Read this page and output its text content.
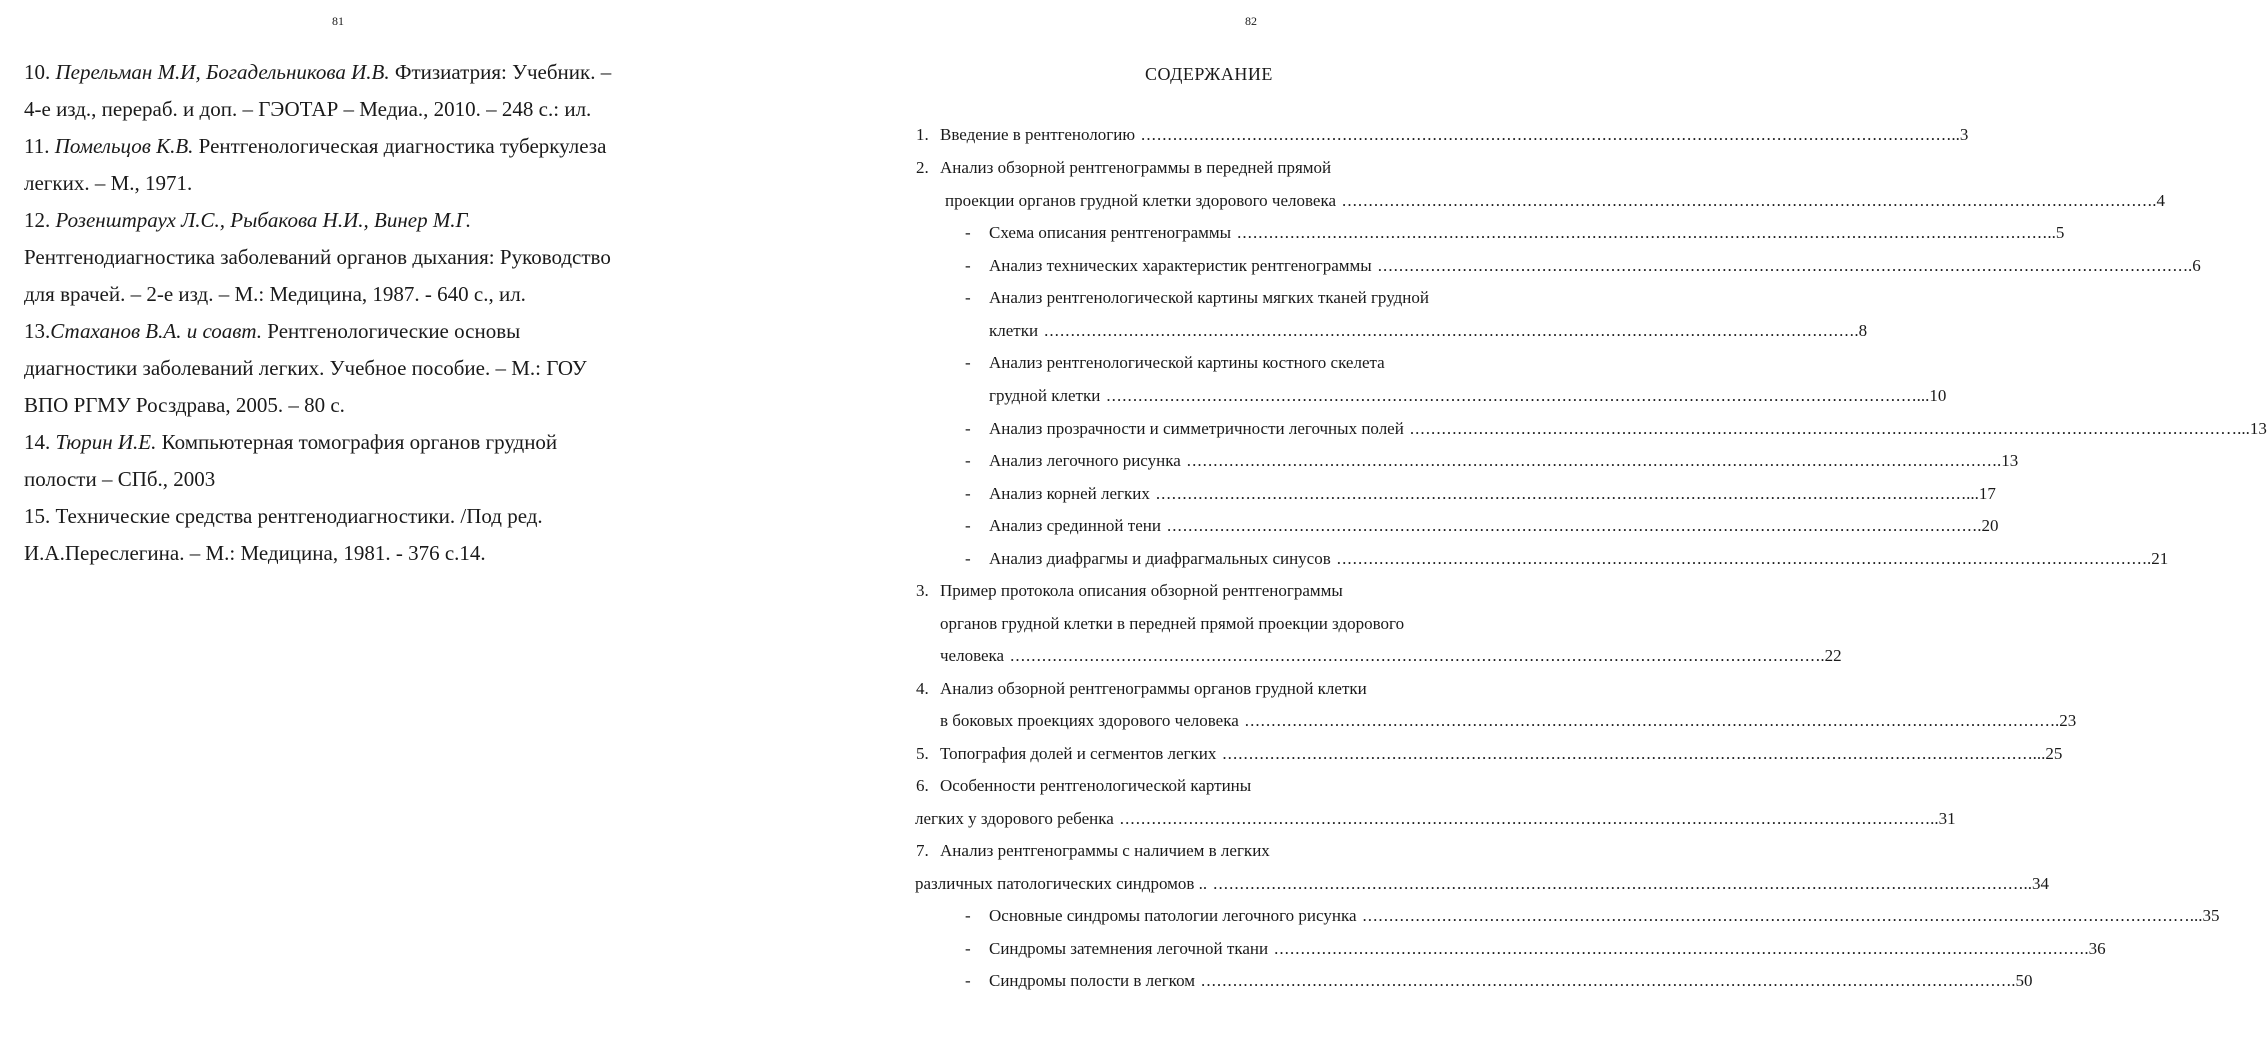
81

10. Перельман М.И, Богадельникова И.В. Фтизиатрия: Учебник. –
4-е изд., перераб. и доп. – ГЭОТАР – Медиа., 2010. – 248 с.: ил.

11. Помельцов К.В. Рентгенологическая диагностика туберкулеза
легких. – М., 1971.

12. Розенштраух Л.С., Рыбакова Н.И., Винер М.Г.
Рентгенодиагностика заболеваний органов дыхания: Руководство
для врачей. – 2-е изд. – М.: Медицина, 1987. - 640 с., ил.

13.Стаханов В.А. и соавт. Рентгенологические основы
диагностики заболеваний легких. Учебное пособие. – М.: ГОУ
ВПО РГМУ Росздрава, 2005. – 80 с.

14. Тюрин И.Е. Компьютерная томография органов грудной
полости – СПб., 2003

15. Технические средства рентгенодиагностики. /Под ред.
И.А.Переслегина. – М.: Медицина, 1981. - 376 с.14.

82
СОДЕРЖАНИЕ
1. Введение в рентгенологию . . .	..3
2. Анализ обзорной рентгенограммы в передней прямой
проекции органов грудной клетки здорового человека . . .	.4
-	Схема описания рентгенограммы . . .	..5
-	Анализ технических характеристик рентгенограммы . . .	.6
-	Анализ рентгенологической картины мягких тканей грудной
клетки . . .	.8
-	Анализ рентгенологической картины костного скелета
грудной клетки . . .	...10
-	Анализ прозрачности и симметричности легочных полей . . .	…...13
-	Анализ легочного рисунка . . .	.13
-	Анализ корней легких . . .	...17
-	Анализ срединной тени . . .	.20
-	Анализ диафрагмы и диафрагмальных синусов . . .	.21
3. Пример протокола описания обзорной рентгенограммы
органов грудной клетки в передней прямой проекции здорового
человека . . .	.22
4. Анализ обзорной рентгенограммы органов грудной клетки
в боковых проекциях здорового человека . . .	.23
5. Топография долей и сегментов легких . . .	...25
6. Особенности рентгенологической картины
легких у здорового ребенка . . .	..31
7. Анализ рентгенограммы с наличием в легких
различных патологических синдромов .. . . .	..34
-	Основные синдромы патологии легочного рисунка . . .	…...35
-	Синдромы затемнения легочной ткани . . .	.36
-	Синдромы полости в легком . . .	.50
